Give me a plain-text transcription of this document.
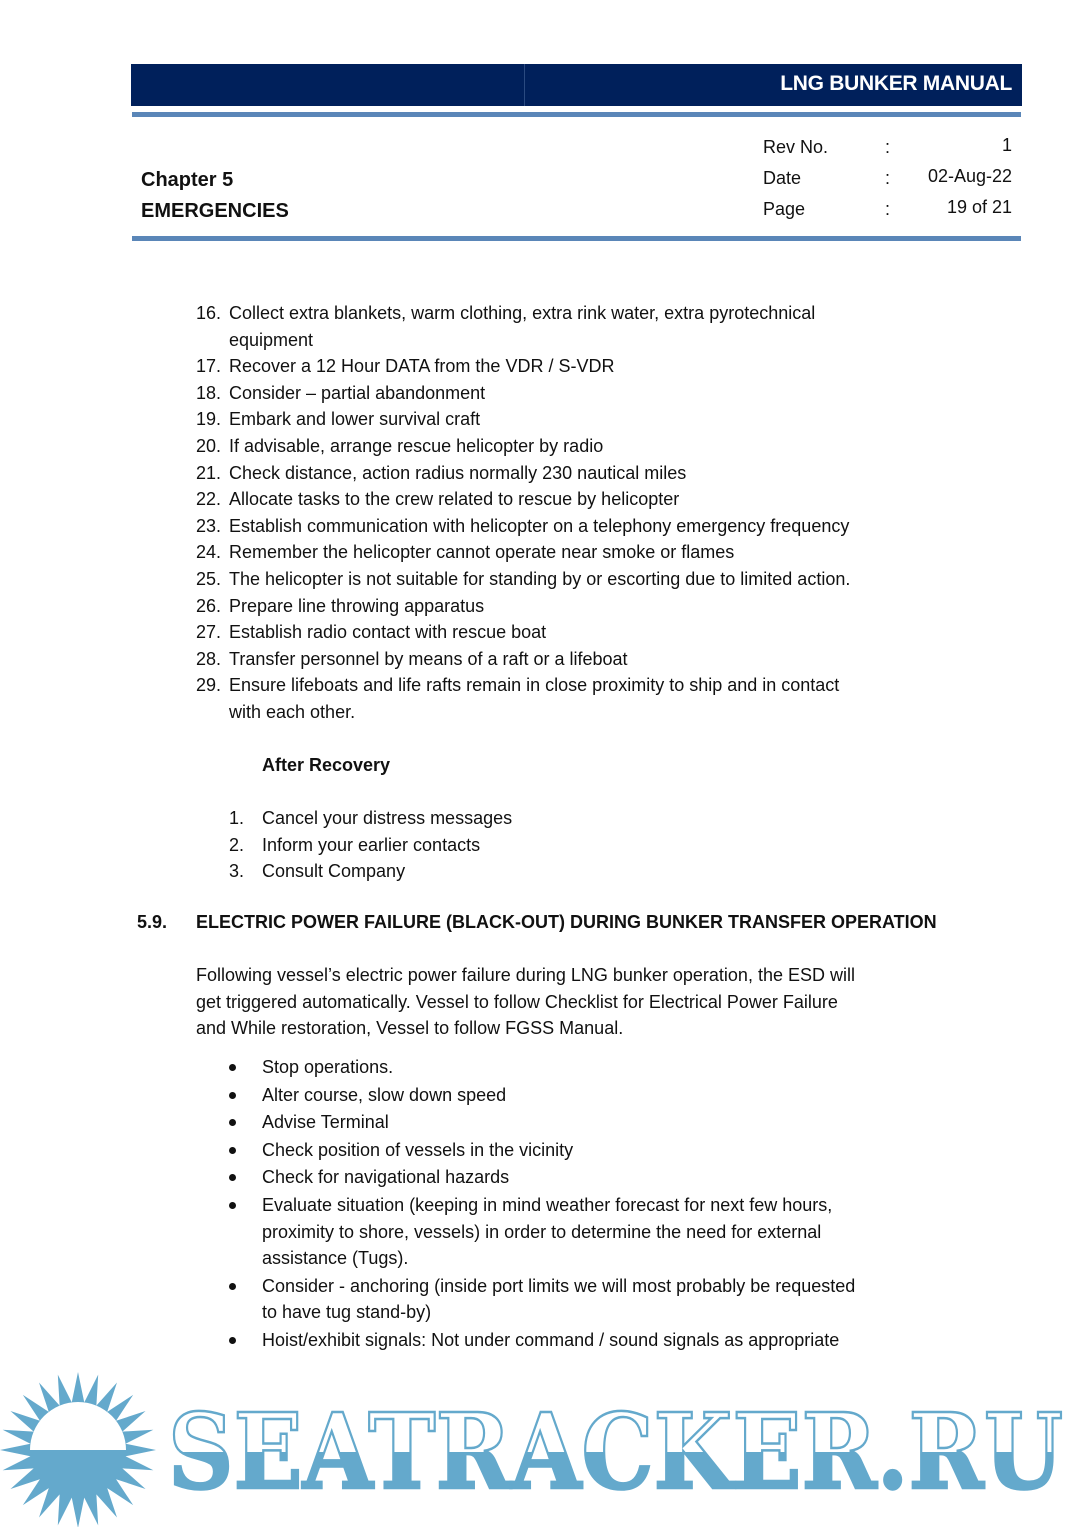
LNG BUNKER MANUAL
Chapter 5
EMERGENCIES
Rev No.	:	1
Date	: 02-Aug-22
Page	:	19 of 21
16. Collect extra blankets, warm clothing, extra rink water, extra pyrotechnical
equipment
17. Recover a 12 Hour DATA from the VDR / S-VDR
18. Consider – partial abandonment
19. Embark and lower survival craft
20. If advisable, arrange rescue helicopter by radio
21. Check distance, action radius normally 230 nautical miles
22. Allocate tasks to the crew related to rescue by helicopter
23. Establish communication with helicopter on a telephony emergency frequency
24. Remember the helicopter cannot operate near smoke or flames
25. The helicopter is not suitable for standing by or escorting due to limited action.
26. Prepare line throwing apparatus
27. Establish radio contact with rescue boat
28. Transfer personnel by means of a raft or a lifeboat
29. Ensure lifeboats and life rafts remain in close proximity to ship and in contact
with each other.
After Recovery
1. Cancel your distress messages
2. Inform your earlier contacts
3. Consult Company
5.9. ELECTRIC POWER FAILURE (BLACK-OUT) DURING BUNKER TRANSFER OPERATION
Following vessel’s electric power failure during LNG bunker operation, the ESD will
get triggered automatically. Vessel to follow Checklist for Electrical Power Failure
and While restoration, Vessel to follow FGSS Manual.
Stop operations.
Alter course, slow down speed
Advise Terminal
Check position of vessels in the vicinity
Check for navigational hazards
Evaluate situation (keeping in mind weather forecast for next few hours,
proximity to shore, vessels) in order to determine the need for external
assistance (Tugs).
Consider - anchoring (inside port limits we will most probably be requested
to have tug stand-by)
Hoist/exhibit signals: Not under command / sound signals as appropriate
SEATRACKER.RU
